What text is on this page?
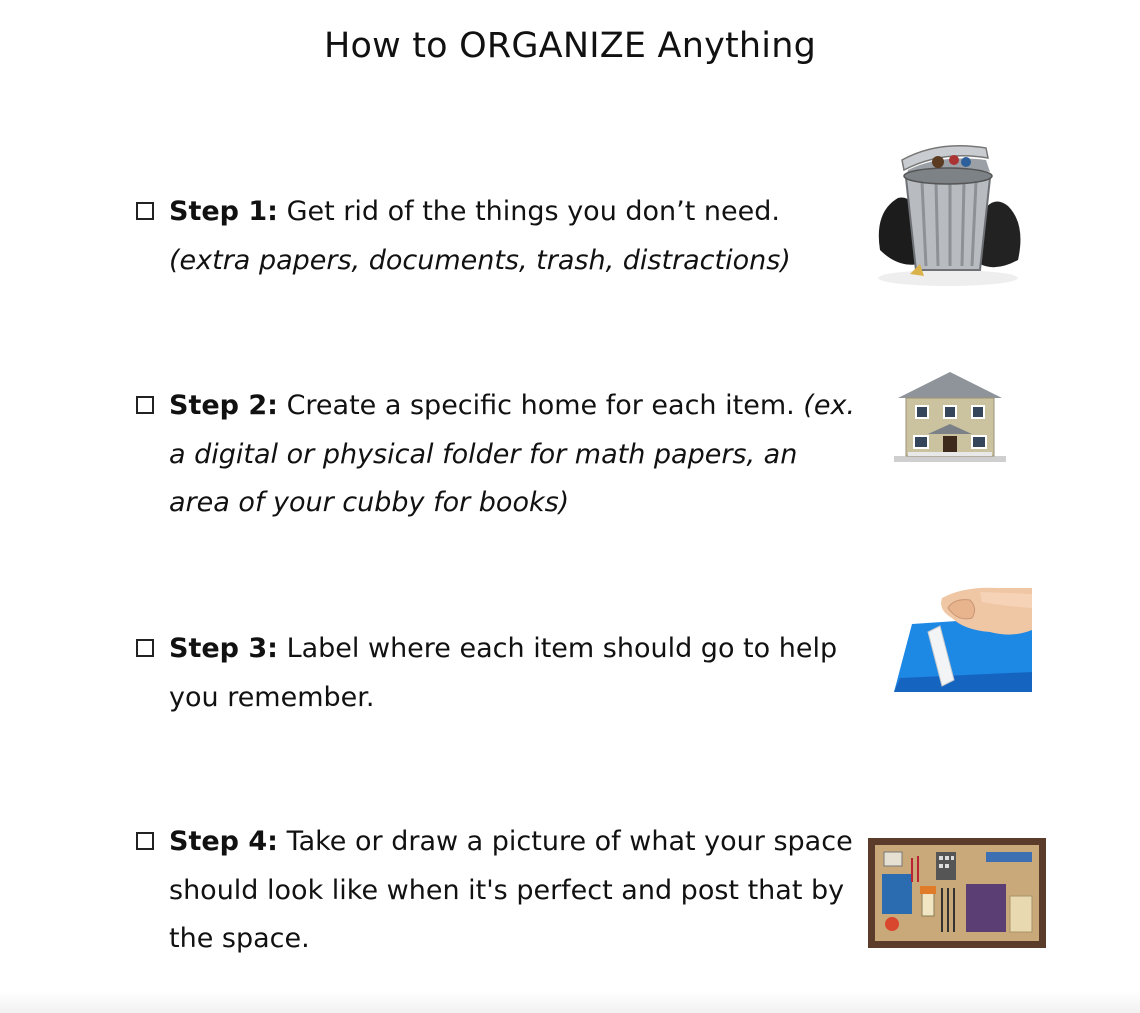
How to ORGANIZE Anything
Step 1: Get rid of the things you don’t need.
(extra papers, documents, trash, distractions)
Step 2: Create a specific home for each item. (ex. a digital or physical folder for math papers, an area of your cubby for books)
Step 3: Label where each item should go to help you remember.
Step 4: Take or draw a picture of what your space should look like when it's perfect and post that by the space.
